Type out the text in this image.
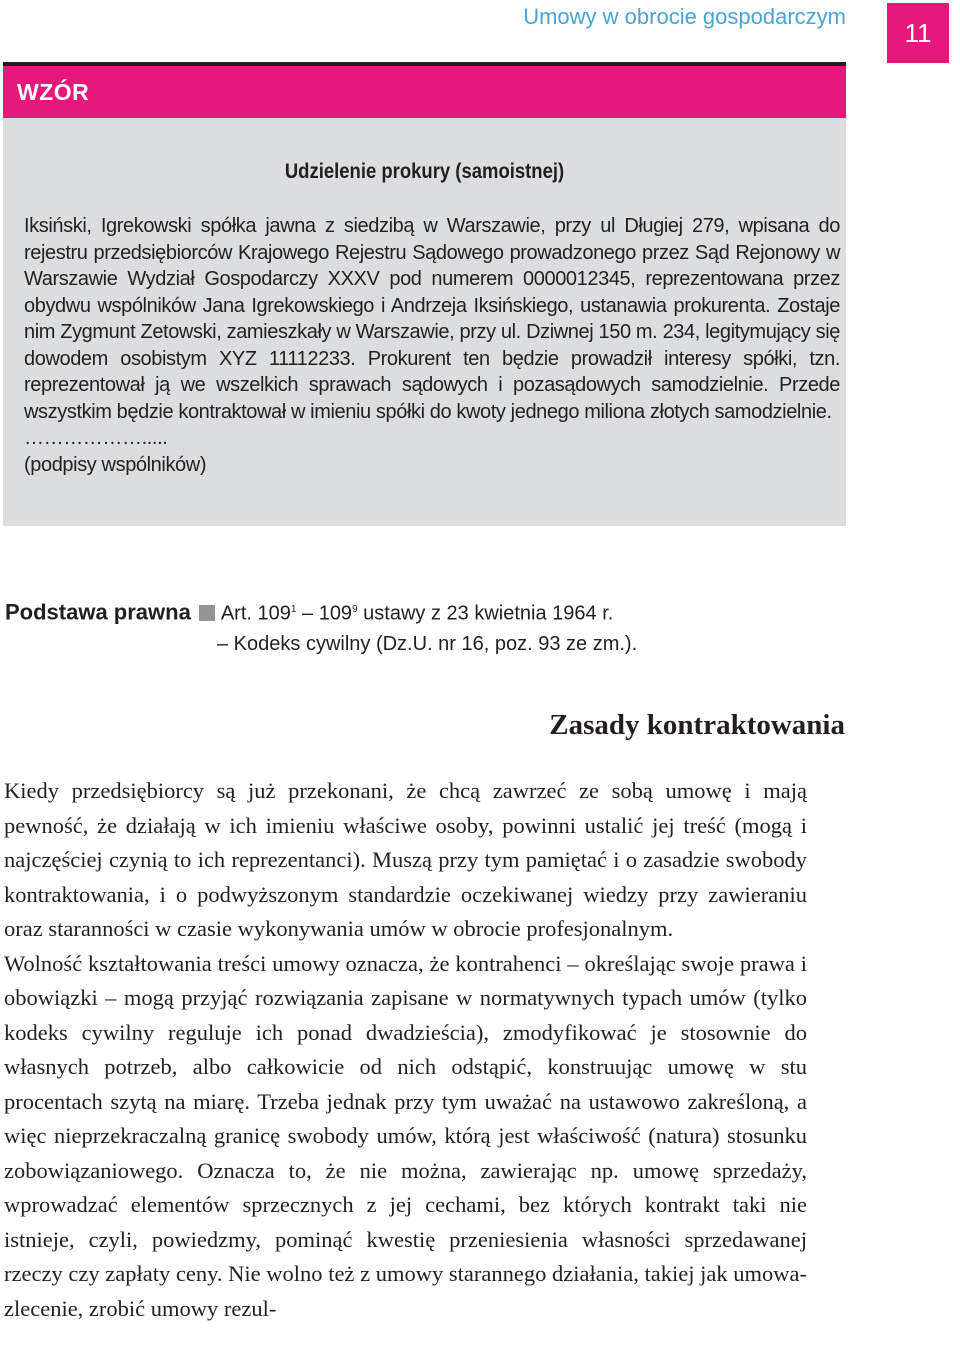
Umowy w obrocie gospodarczym
11
WZÓR
Udzielenie prokury (samoistnej)

Iksiński, Igrekowski spółka jawna z siedzibą w Warszawie, przy ul Długiej 279, wpisana do rejestru przedsiębiorców Krajowego Rejestru Sądowego prowadzonego przez Sąd Rejonowy w Warszawie Wydział Gospodarczy XXXV pod numerem 0000012345, reprezentowana przez obydwu wspólników Jana Igrekowskiego i Andrzeja Iksińskiego, ustanawia prokurenta. Zostaje nim Zygmunt Zetowski, zamieszkały w Warszawie, przy ul. Dziwnej 150 m. 234, legitymujący się dowodem osobistym XYZ 11112233. Prokurent ten będzie prowadził interesy spółki, tzn. reprezentował ją we wszelkich sprawach sądowych i pozasądowych samodzielnie. Przede wszystkim będzie kontraktował w imieniu spółki do kwoty jednego miliona złotych samodzielnie.

……………….....

(podpisy wspólników)

Podstawa prawna Art. $109^1 - 109^9$ ustawy z 23 kwietnia 1964 r.
– Kodeks cywilny (Dz.U. nr 16, poz. 93 ze zm.).
Zasady kontraktowania

Kiedy przedsiębiorcy są już przekonani, że chcą zawrzeć ze sobą umowę i mają pewność, że działają w ich imieniu właściwe osoby, powinni ustalić jej treść (mogą i najczęściej czynią to ich reprezentanci). Muszą przy tym pamiętać i o zasadzie swobody kontraktowania, i o podwyższonym standardzie oczekiwanej wiedzy przy zawieraniu oraz staranności w czasie wykonywania umów w obrocie profesjonalnym.

Wolność kształtowania treści umowy oznacza, że kontrahenci – określając swoje prawa i obowiązki – mogą przyjąć rozwiązania zapisane w normatywnych typach umów (tylko kodeks cywilny reguluje ich ponad dwadzieścia), zmodyfikować je stosownie do własnych potrzeb, albo całkowicie od nich odstąpić, konstruując umowę w stu procentach szytą na miarę. Trzeba jednak przy tym uważać na ustawowo zakreśloną, a więc nieprzekraczalną granicę swobody umów, którą jest właściwość (natura) stosunku zobowiązaniowego. Oznacza to, że nie można, zawierając np. umowę sprzedaży, wprowadzać elementów sprzecznych z jej cechami, bez których kontrakt taki nie istnieje, czyli, powiedzmy, pominąć kwestię przeniesienia własności sprzedawanej rzeczy czy zapłaty ceny. Nie wolno też z umowy starannego działania, takiej jak umowa-zlecenie, zrobić umowy rezul-
